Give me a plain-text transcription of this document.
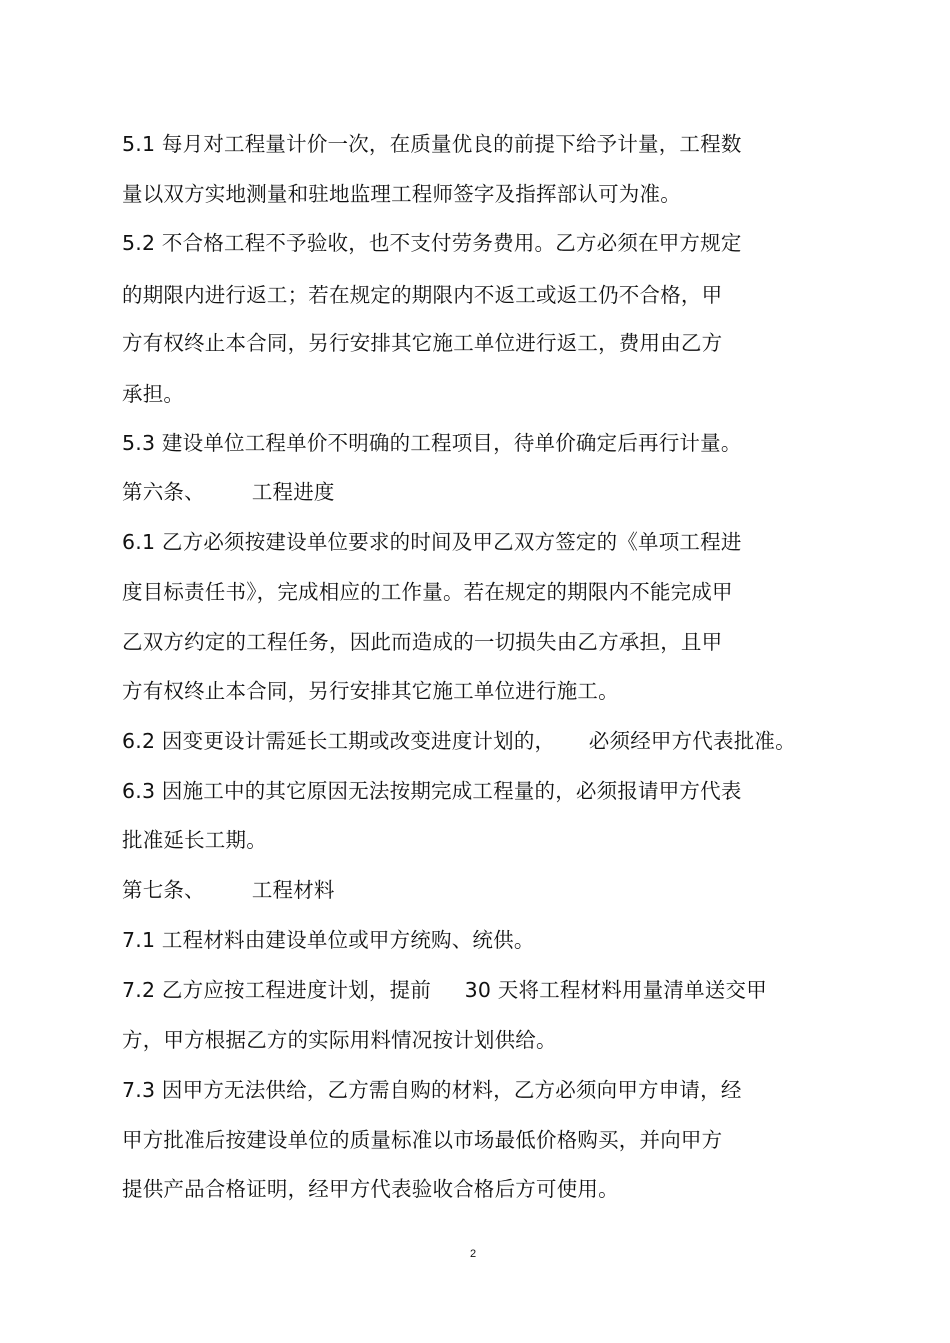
5.1 每月对工程量计价一次，在质量优良的前提下给予计量，工程数
量以双方实地测量和驻地监理工程师签字及指挥部认可为准。
5.2 不合格工程不予验收，也不支付劳务费用。乙方必须在甲方规定
的期限内进行返工；若在规定的期限内不返工或返工仍不合格，甲
方有权终止本合同，另行安排其它施工单位进行返工，费用由乙方
承担。
5.3 建设单位工程单价不明确的工程项目，待单价确定后再行计量。
第六条、       工程进度
6.1 乙方必须按建设单位要求的时间及甲乙双方签定的《单项工程进
度目标责任书》，完成相应的工作量。若在规定的期限内不能完成甲
乙双方约定的工程任务，因此而造成的一切损失由乙方承担，且甲
方有权终止本合同，另行安排其它施工单位进行施工。
6.2 因变更设计需延长工期或改变进度计划的，     必须经甲方代表批准。
6.3 因施工中的其它原因无法按期完成工程量的，必须报请甲方代表
批准延长工期。
第七条、       工程材料
7.1 工程材料由建设单位或甲方统购、统供。
7.2 乙方应按工程进度计划，提前     30 天将工程材料用量清单送交甲
方，甲方根据乙方的实际用料情况按计划供给。
7.3 因甲方无法供给，乙方需自购的材料，乙方必须向甲方申请，经
甲方批准后按建设单位的质量标准以市场最低价格购买，并向甲方
提供产品合格证明，经甲方代表验收合格后方可使用。
2
